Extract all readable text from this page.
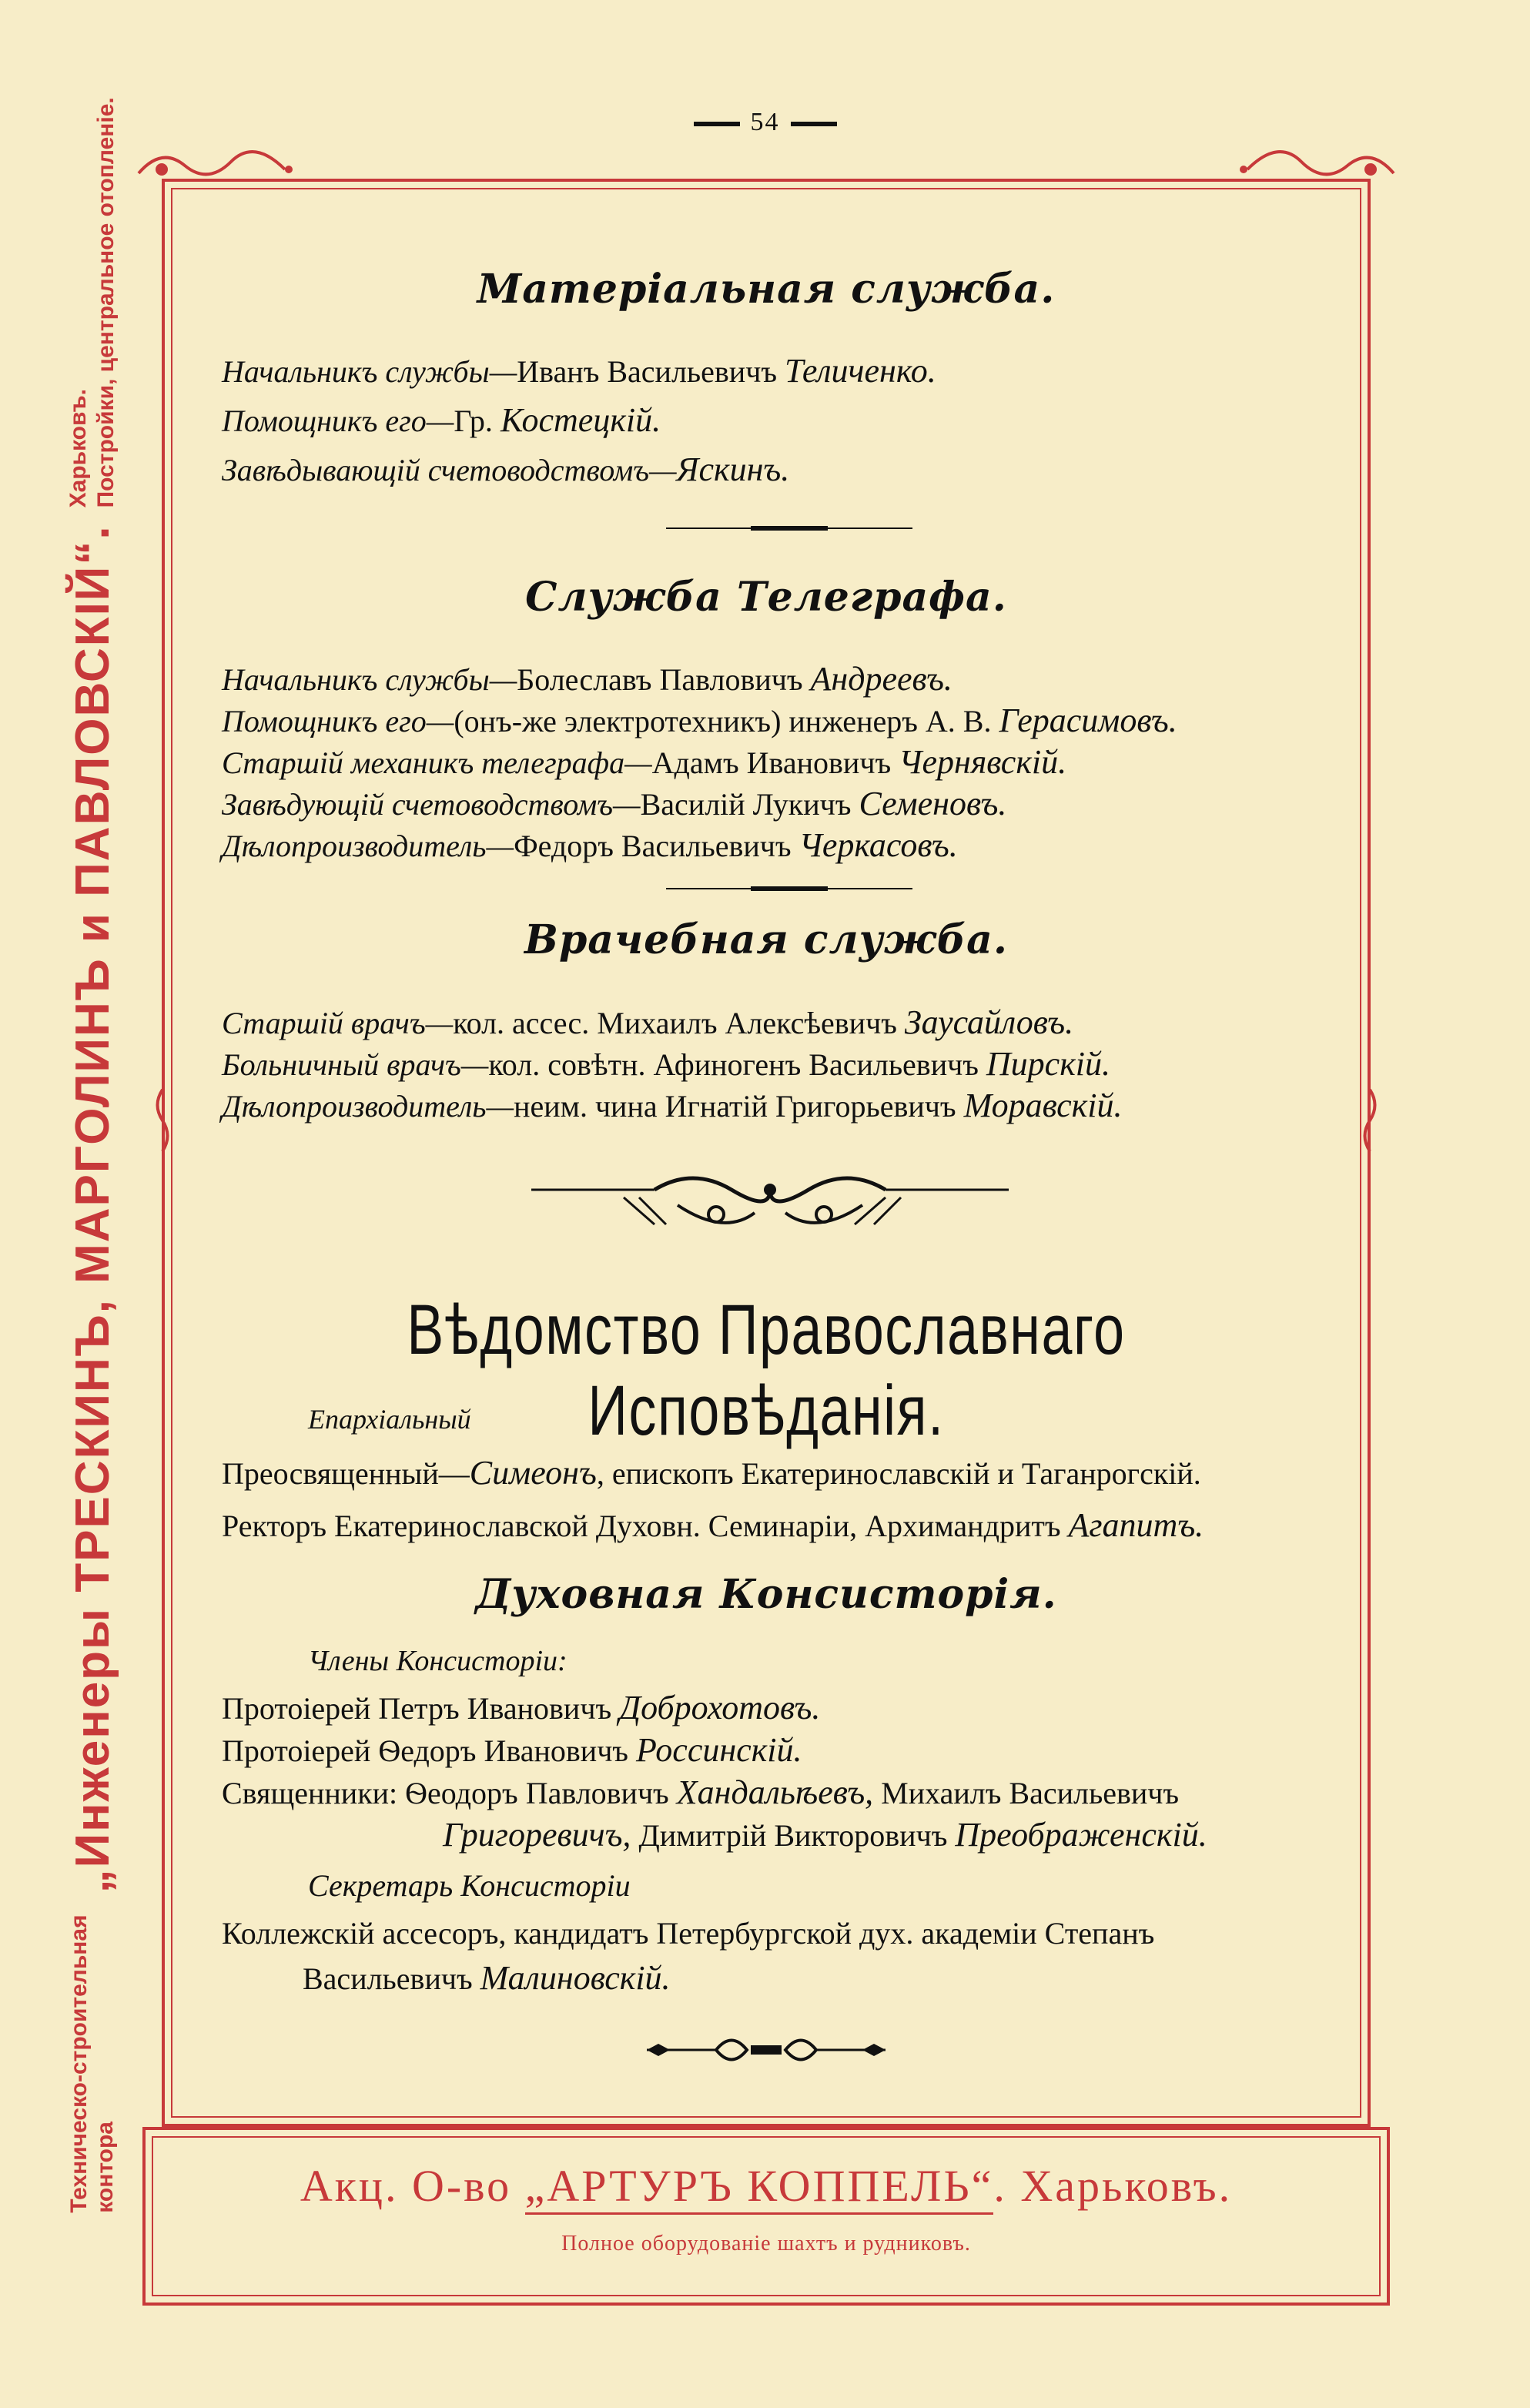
54
Техническо-строительная контора
„Инженеры ТРЕСКИНЪ, МАРГОЛИНЪ и ПАВЛОВСКІЙ“.
Харьковъ. Постройки, центральное отопленіе.	Матеріальная служба.
Начальникъ службы—Иванъ Васильевичъ Теличенко.
Помощникъ его—Гр. Костецкій.
Завѣдывающій счетоводствомъ—Яскинъ.
Служба Телеграфа.
Начальникъ службы—Болеславъ Павловичъ Андреевъ.
Помощникъ его—(онъ-же электротехникъ) инженеръ А. В. Герасимовъ.
Старшій механикъ телеграфа—Адамъ Ивановичъ Чернявскій.
Завѣдующій счетоводствомъ—Василій Лукичъ Семеновъ.
Дѣлопроизводитель—Федоръ Васильевичъ Черкасовъ.
Врачебная служба.
Старшій врачъ—кол. ассес. Михаилъ Алексѣевичъ Заусайловъ.
Больничный врачъ—кол. совѣтн. Афиногенъ Васильевичъ Пирскій.
Дѣлопроизводитель—неим. чина Игнатій Григорьевичъ Моравскій.
Вѣдомство Православнаго Исповѣданія.
Епархіальный
Преосвященный—Симеонъ, епископъ Екатеринославскій и Таганрогскій.
Ректоръ Екатеринославской Духовн. Семинаріи, Архимандритъ Агапитъ.
Духовная Консисторія.
Члены Консисторіи:
Протоіерей Петръ Ивановичъ Доброхотовъ.
Протоіерей Ѳедоръ Ивановичъ Россинскій.
Священники: Ѳеодоръ Павловичъ Хандальѣевъ, Михаилъ Васильевичъ
Григоревичъ, Димитрій Викторовичъ Преображенскій.
Секретарь Консисторіи
Коллежскій ассесоръ, кандидатъ Петербургской дух. академіи Степанъ
Васильевичъ Малиновскій.
Акц. О-во „АРТУРЪ КОППЕЛЬ“. Харьковъ.
Полное оборудованіе шахтъ и рудниковъ.
